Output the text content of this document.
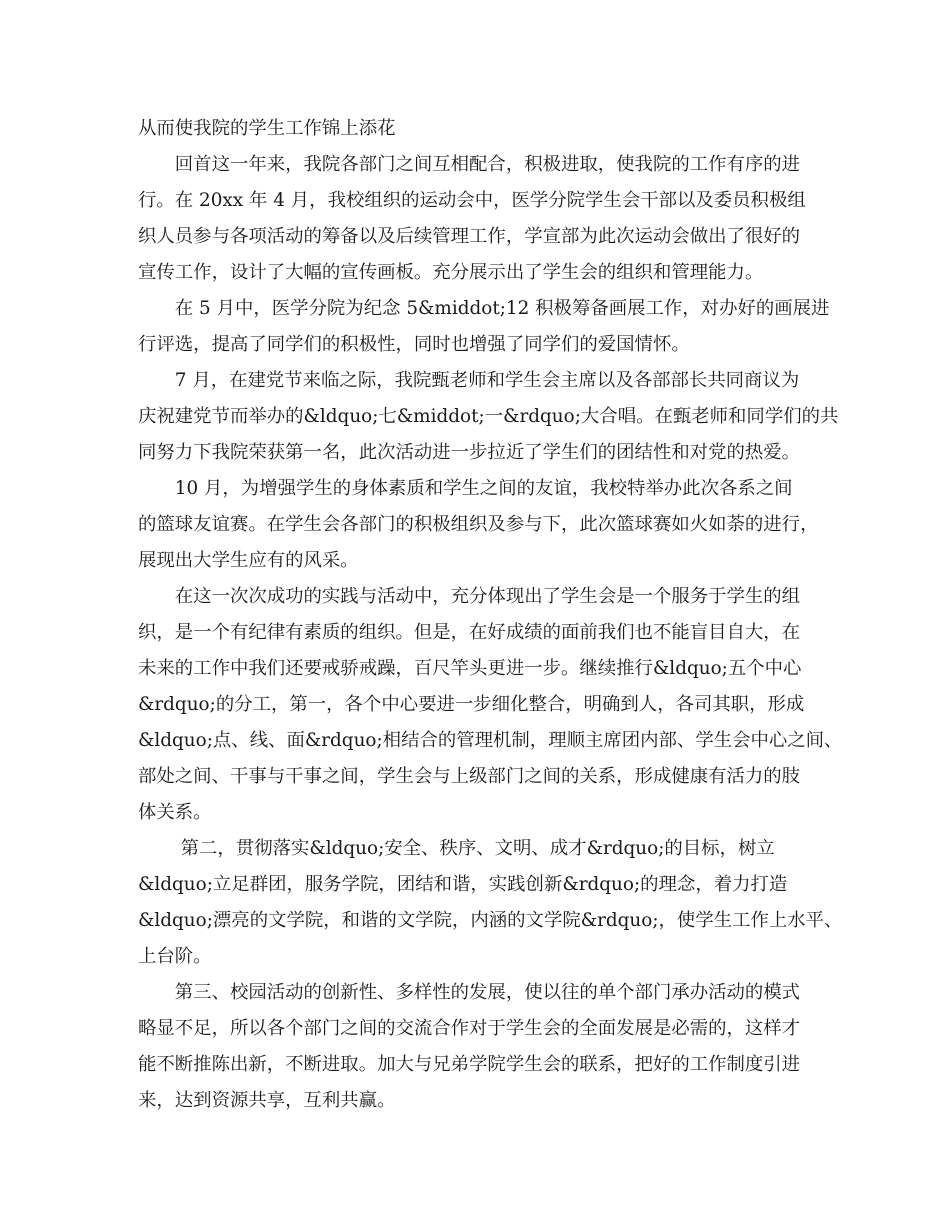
从而使我院的学生工作锦上添花
　　回首这一年来，我院各部门之间互相配合，积极进取，使我院的工作有序的进
行。在 20xx 年 4 月，我校组织的运动会中，医学分院学生会干部以及委员积极组
织人员参与各项活动的筹备以及后续管理工作，学宣部为此次运动会做出了很好的
宣传工作，设计了大幅的宣传画板。充分展示出了学生会的组织和管理能力。
　　在 5 月中，医学分院为纪念 5&middot;12 积极筹备画展工作，对办好的画展进
行评选，提高了同学们的积极性，同时也增强了同学们的爱国情怀。
　　7 月，在建党节来临之际，我院甄老师和学生会主席以及各部部长共同商议为
庆祝建党节而举办的&ldquo;七&middot;一&rdquo;大合唱。在甄老师和同学们的共
同努力下我院荣获第一名，此次活动进一步拉近了学生们的团结性和对党的热爱。
　　10 月，为增强学生的身体素质和学生之间的友谊，我校特举办此次各系之间
的篮球友谊赛。在学生会各部门的积极组织及参与下，此次篮球赛如火如荼的进行，
展现出大学生应有的风采。
　　在这一次次成功的实践与活动中，充分体现出了学生会是一个服务于学生的组
织，是一个有纪律有素质的组织。但是，在好成绩的面前我们也不能盲目自大，在
未来的工作中我们还要戒骄戒躁，百尺竿头更进一步。继续推行&ldquo;五个中心
&rdquo;的分工，第一，各个中心要进一步细化整合，明确到人，各司其职，形成
&ldquo;点、线、面&rdquo;相结合的管理机制，理顺主席团内部、学生会中心之间、
部处之间、干事与干事之间，学生会与上级部门之间的关系，形成健康有活力的肢
体关系。
　　 第二，贯彻落实&ldquo;安全、秩序、文明、成才&rdquo;的目标，树立
&ldquo;立足群团，服务学院，团结和谐，实践创新&rdquo;的理念，着力打造
&ldquo;漂亮的文学院，和谐的文学院，内涵的文学院&rdquo;，使学生工作上水平、
上台阶。
　　第三、校园活动的创新性、多样性的发展，使以往的单个部门承办活动的模式
略显不足，所以各个部门之间的交流合作对于学生会的全面发展是必需的，这样才
能不断推陈出新，不断进取。加大与兄弟学院学生会的联系，把好的工作制度引进
来，达到资源共享，互利共赢。
